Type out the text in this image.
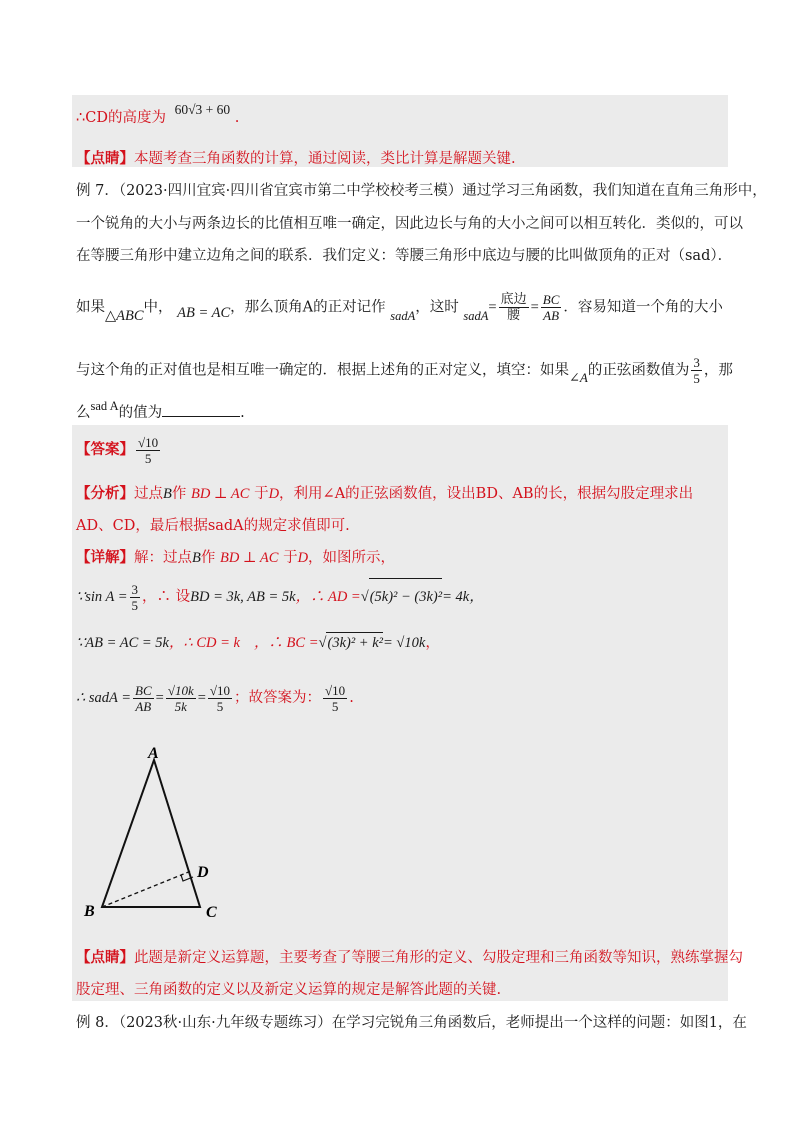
∴CD的高度为 60√3 + 60 .
【点睛】本题考查三角函数的计算，通过阅读，类比计算是解题关键.
例 7．（2023·四川宜宾·四川省宜宾市第二中学校校考三模）通过学习三角函数，我们知道在直角三角形中，
一个锐角的大小与两条边长的比值相互唯一确定，因此边长与角的大小之间可以相互转化．类似的，可以
在等腰三角形中建立边角之间的联系．我们定义：等腰三角形中底边与腰的比叫做顶角的正对（sad）．
如果△ABC中， AB = AC，那么顶角A的正对记作 sadA，这时 sadA= $\frac{\text{底边}}{\text{腰}} = \frac{BC}{AB}$ ．容易知道一个角的大小
与这个角的正对值也是相互唯一确定的．根据上述角的正对定义，填空：如果∠A的正弦函数值为 $\frac{3}{5}$ ，那
么sad A的值为	.
【答案】 $\frac{√10}{5}$
【分析】过点B作 BD ⊥ AC 于D，利用∠A的正弦函数值，设出BD、AB的长，根据勾股定理求出
AD、CD，最后根据sadA的规定求值即可.
【详解】解：过点B作 BD ⊥ AC 于D，如图所示，
∵sin $A = \frac{3}{5}$ ，∴ 设BD = 3k, AB = 5k，∴ AD =√(5k)² − (3k)²= 4k，
∵AB = AC = 5k，∴ CD = k ，∴ BC =√(3k)² + k²= √10k，
∴ sadA = $\frac{BC}{AB} = \frac{√10k}{5k} = \frac{√10}{5}$ ；故答案为： $\frac{√10}{5}$ .
A
B	C
D
【点睛】此题是新定义运算题，主要考查了等腰三角形的定义、勾股定理和三角函数等知识，熟练掌握勾
股定理、三角函数的定义以及新定义运算的规定是解答此题的关键.
例 8．（2023秋·山东·九年级专题练习）在学习完锐角三角函数后，老师提出一个这样的问题：如图1，在
